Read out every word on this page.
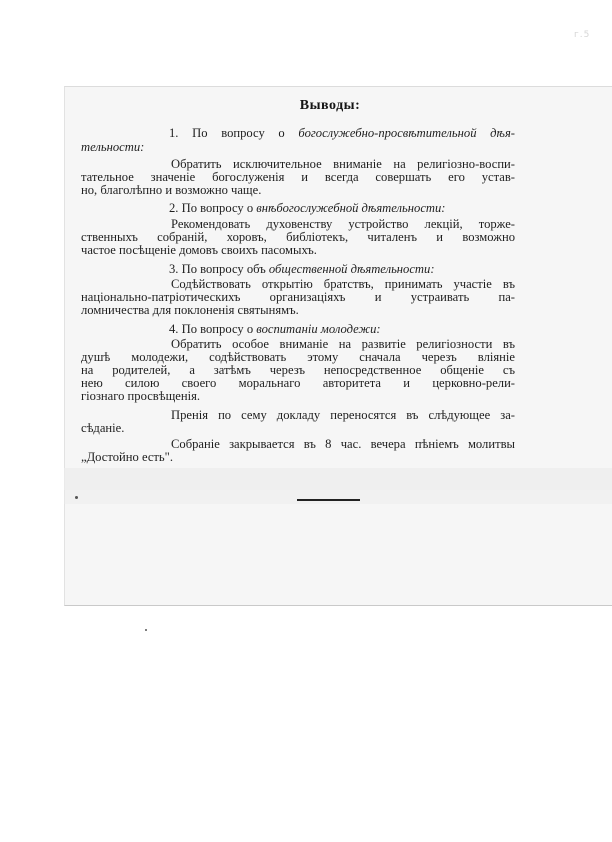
г.5
Выводы:
1. По вопросу о богослужебно-просвѣтительной дѣя-
тельности:
Обратить исключительное вниманіе на религіозно-воспи-
тательное значеніе богослуженія и всегда совершать его устав-
но, благолѣпно и возможно чаще.
2. По вопросу о внѣбогослужебной дѣятельности:
Рекомендовать духовенству устройство лекцій, торже-
ственныхъ собраній, хоровъ, библіотекъ, читаленъ и возможно
частое посѣщеніе домовъ своихъ пасомыхъ.
3. По вопросу объ общественной дѣятельности:
Содѣйствовать открытію братствъ, принимать участіе въ
національно-патріотическихъ организаціяхъ и устраивать па-
ломничества для поклоненія святынямъ.
4. По вопросу о воспитаніи молодежи:
Обратить особое вниманіе на развитіе религіозности въ
душѣ молодежи, содѣйствовать этому сначала черезъ вліяніе
на родителей, а затѣмъ черезъ непосредственное общеніе съ
нею силою своего моральнаго авторитета и церковно-рели-
гіознаго просвѣщенія.
Пренія по сему докладу переносятся въ слѣдующее за-
сѣданіе.
Собраніе закрывается въ 8 час. вечера пѣніемъ молитвы
„Достойно есть".
